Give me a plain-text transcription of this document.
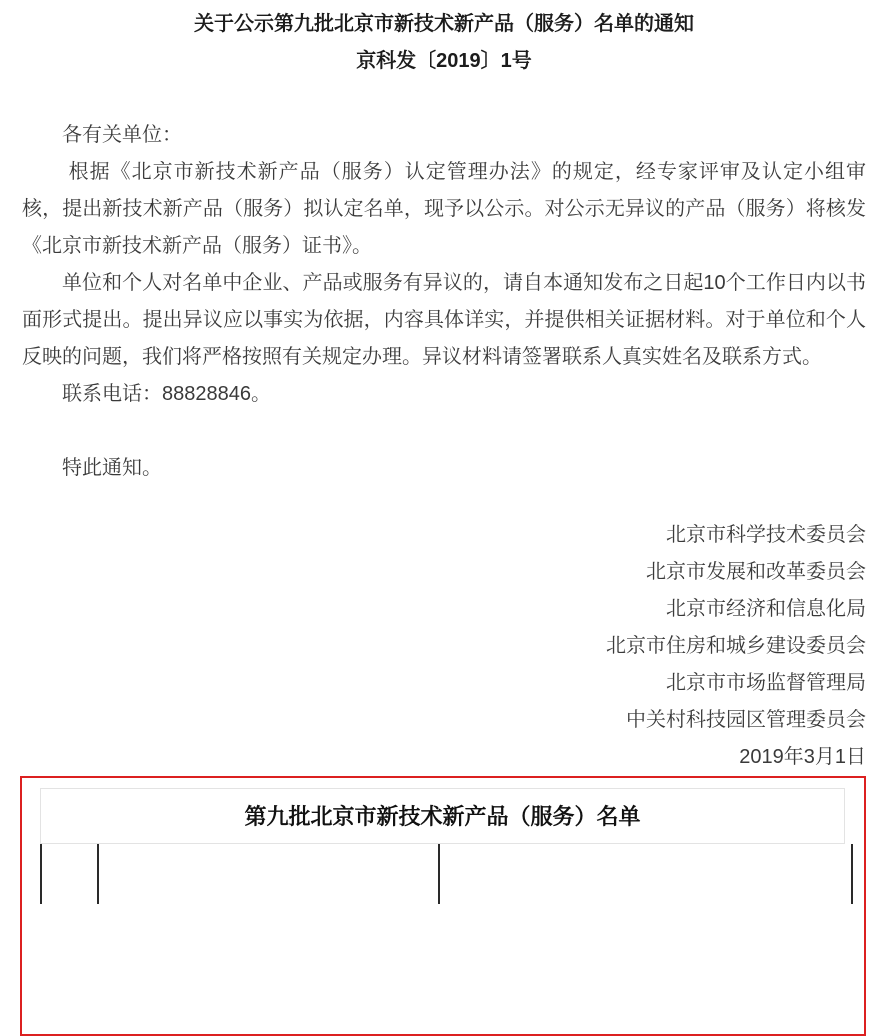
关于公示第九批北京市新技术新产品（服务）名单的通知
京科发〔2019〕1号

各有关单位：

根据《北京市新技术新产品（服务）认定管理办法》的规定，经专家评审及认定小组审核，提出新技术新产品（服务）拟认定名单，现予以公示。对公示无异议的产品（服务）将核发《北京市新技术新产品（服务）证书》。

单位和个人对名单中企业、产品或服务有异议的，请自本通知发布之日起10个工作日内以书面形式提出。提出异议应以事实为依据，内容具体详实，并提供相关证据材料。对于单位和个人反映的问题，我们将严格按照有关规定办理。异议材料请签署联系人真实姓名及联系方式。

联系电话：88828846。

特此通知。

北京市科学技术委员会

北京市发展和改革委员会

北京市经济和信息化局

北京市住房和城乡建设委员会

北京市市场监督管理局

中关村科技园区管理委员会

2019年3月1日

第九批北京市新技术新产品（服务）名单
